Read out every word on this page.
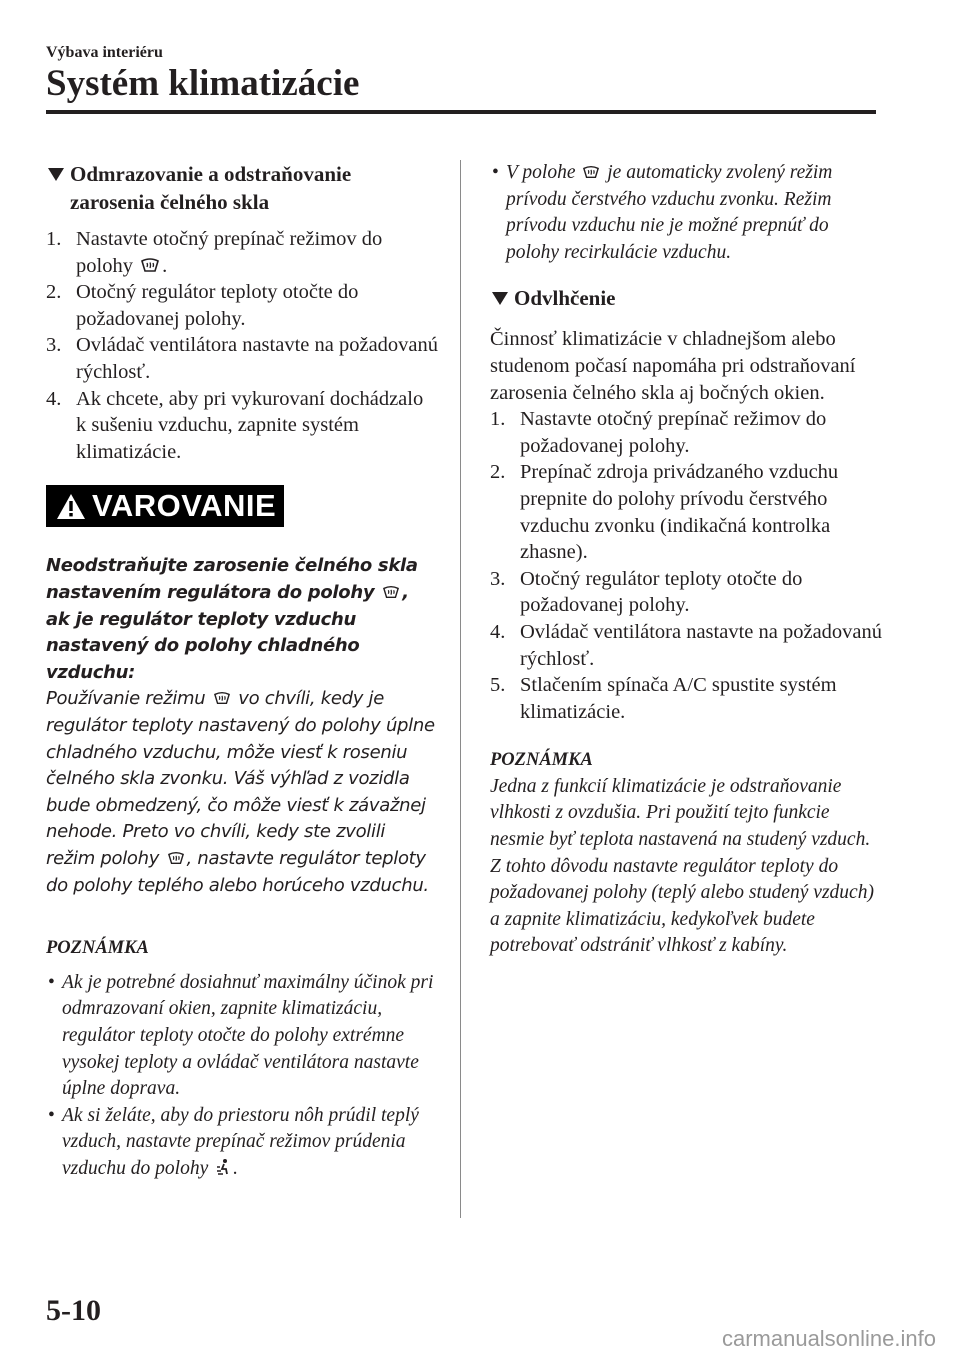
Výbava interiéru
Systém klimatizácie
Odmrazovanie a odstraňovanie
zarosenia čelného skla
1. Nastavte otočný prepínač režimov do polohy .
2. Otočný regulátor teploty otočte do požadovanej polohy.
3. Ovládač ventilátora nastavte na požadovanú rýchlosť.
4. Ak chcete, aby pri vykurovaní dochádzalo k sušeniu vzduchu, zapnite systém klimatizácie.
VAROVANIE
Neodstraňujte zarosenie čelného skla nastavením regulátora do polohy , ak je regulátor teploty vzduchu nastavený do polohy chladného vzduchu:
Používanie režimu  vo chvíli, kedy je regulátor teploty nastavený do polohy úplne chladného vzduchu, môže viesť k roseniu čelného skla zvonku. Váš výhľad z vozidla bude obmedzený, čo môže viesť k závažnej nehode. Preto vo chvíli, kedy ste zvolili režim polohy , nastavte regulátor teploty do polohy teplého alebo horúceho vzduchu.
POZNÁMKA
• Ak je potrebné dosiahnuť maximálny účinok pri odmrazovaní okien, zapnite klimatizáciu, regulátor teploty otočte do polohy extrémne vysokej teploty a ovládač ventilátora nastavte úplne doprava.
• Ak si želáte, aby do priestoru nôh prúdil teplý vzduch, nastavte prepínač režimov prúdenia vzduchu do polohy .
• V polohe  je automaticky zvolený režim prívodu čerstvého vzduchu zvonku. Režim prívodu vzduchu nie je možné prepnúť do polohy recirkulácie vzduchu.
Odvlhčenie

Činnosť klimatizácie v chladnejšom alebo studenom počasí napomáha pri odstraňovaní zarosenia čelného skla aj bočných okien.

1. Nastavte otočný prepínač režimov do požadovanej polohy.
2. Prepínač zdroja privádzaného vzduchu prepnite do polohy prívodu čerstvého vzduchu zvonku (indikačná kontrolka zhasne).
3. Otočný regulátor teploty otočte do požadovanej polohy.
4. Ovládač ventilátora nastavte na požadovanú rýchlosť.
5. Stlačením spínača A/C spustite systém klimatizácie.
POZNÁMKA

Jedna z funkcií klimatizácie je odstraňovanie vlhkosti z ovzdušia. Pri použití tejto funkcie nesmie byť teplota nastavená na studený vzduch. Z tohto dôvodu nastavte regulátor teploty do požadovanej polohy (teplý alebo studený vzduch) a zapnite klimatizáciu, kedykoľvek budete potrebovať odstrániť vlhkosť z kabíny.

5-10
carmanualsonline.info
